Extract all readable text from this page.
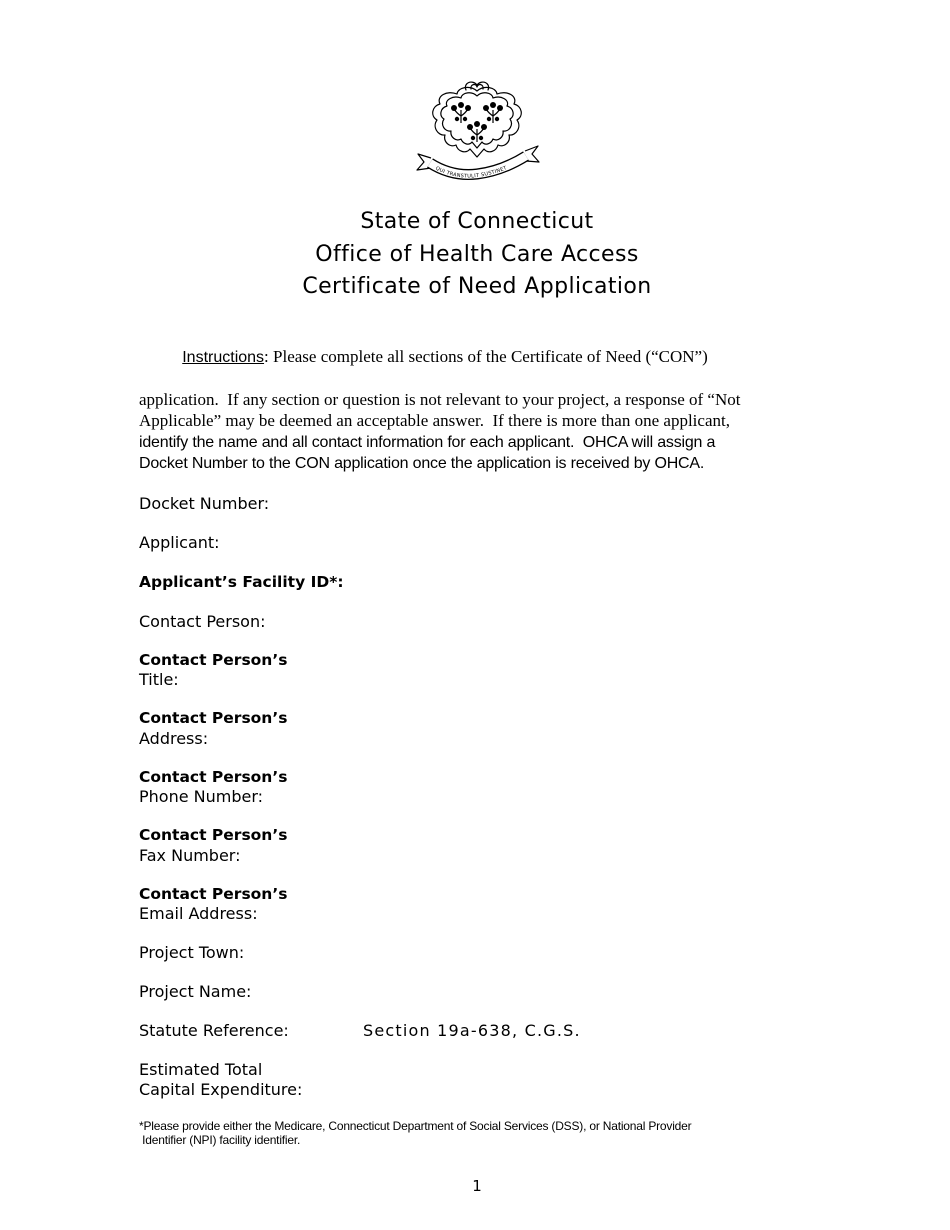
QUI TRANSTULIT SUSTINET
State of Connecticut
Office of Health Care Access
Certificate of Need Application

Instructions: Please complete all sections of the Certificate of Need (“CON”)

application.  If any section or question is not relevant to your project, a response of “Not
Applicable” may be deemed an acceptable answer.  If there is more than one applicant,
identify the name and all contact information for each applicant.  OHCA will assign a
Docket Number to the CON application once the application is received by OHCA.
Docket Number:
Applicant:
Applicant’s Facility ID*:
Contact Person:
Contact Person’s
Title:
Contact Person’s
Address:
Contact Person’s
Phone Number:
Contact Person’s
Fax Number:
Contact Person’s
Email Address:
Project Town:
Project Name:
Statute Reference:	Section 19a-638, C.G.S.
Estimated Total
Capital Expenditure:
*Please provide either the Medicare, Connecticut Department of Social Services (DSS), or National Provider
Identifier (NPI) facility identifier.
1
